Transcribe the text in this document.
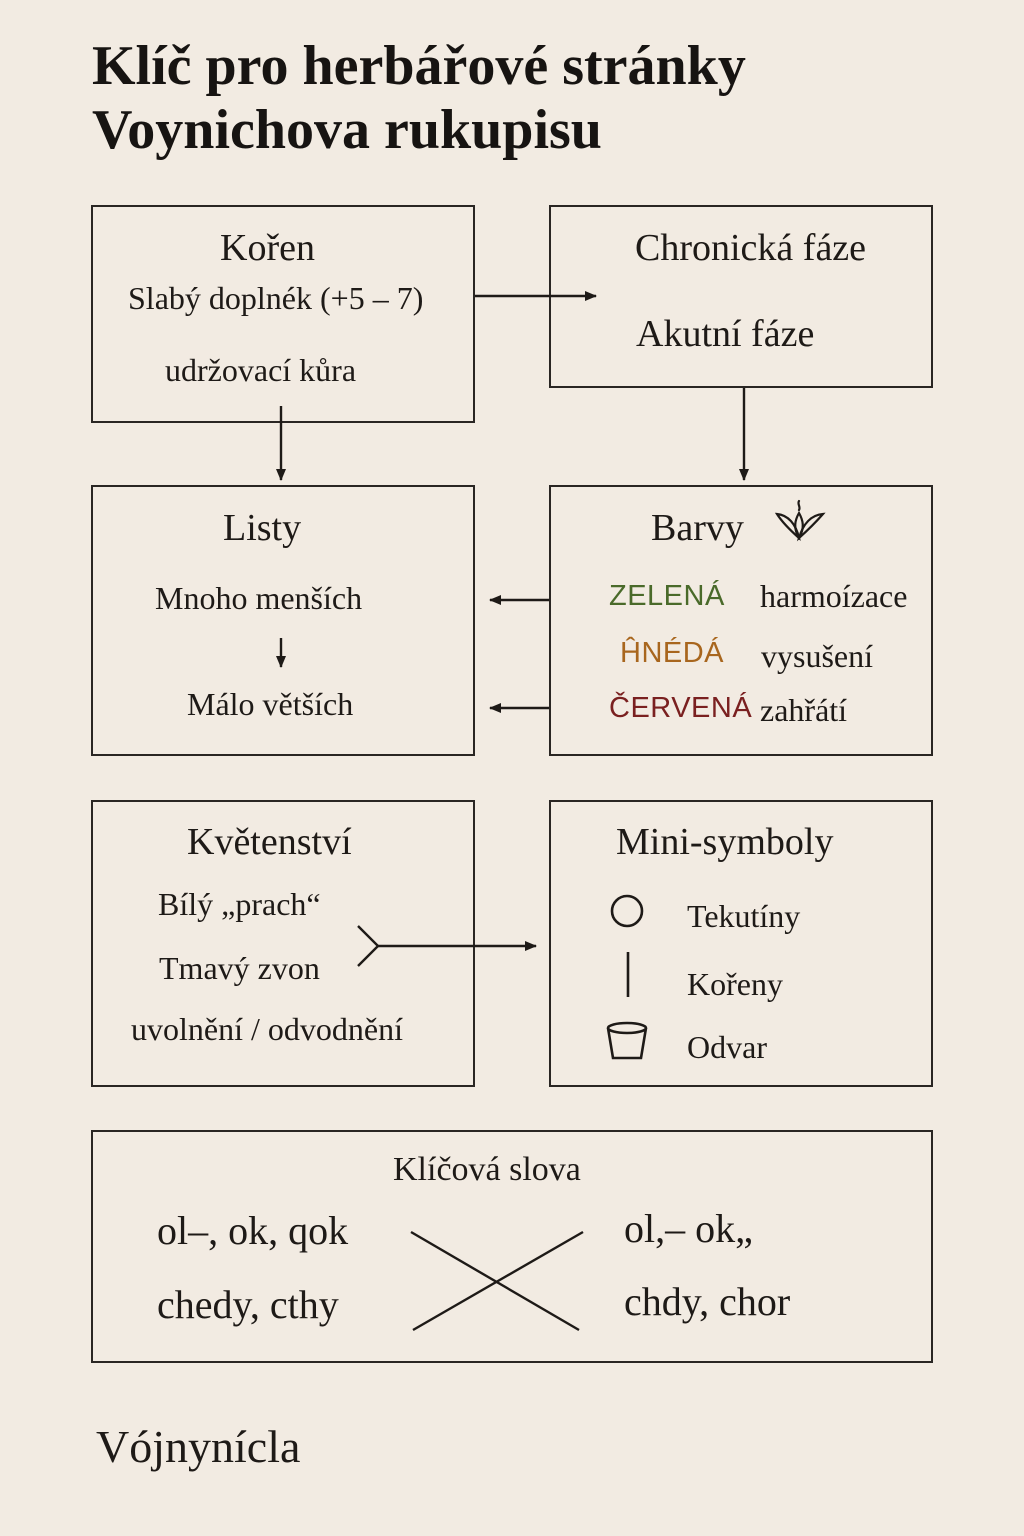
Klíč pro herbářové stránky
Voynichova rukupisu
Kořen
Slabý doplnék (+5 – 7)
udržovací kůra
Chronická fáze
Akutní fáze
Listy
Mnoho menších
Málo větších
Barvy
ZELENÁ harmoízace
ĤNÉDÁ vysušení
ČERVENÁ zahřátí
Květenství
Bílý „prach“
Tmavý zvon
uvolnění / odvodnění
Mini-symboly
Tekutíny
Kořeny
Odvar
Klíčová slova
ol–, ok, qok
chedy, cthy
ol,– ok„
chdy, chor
Vójnynícla
